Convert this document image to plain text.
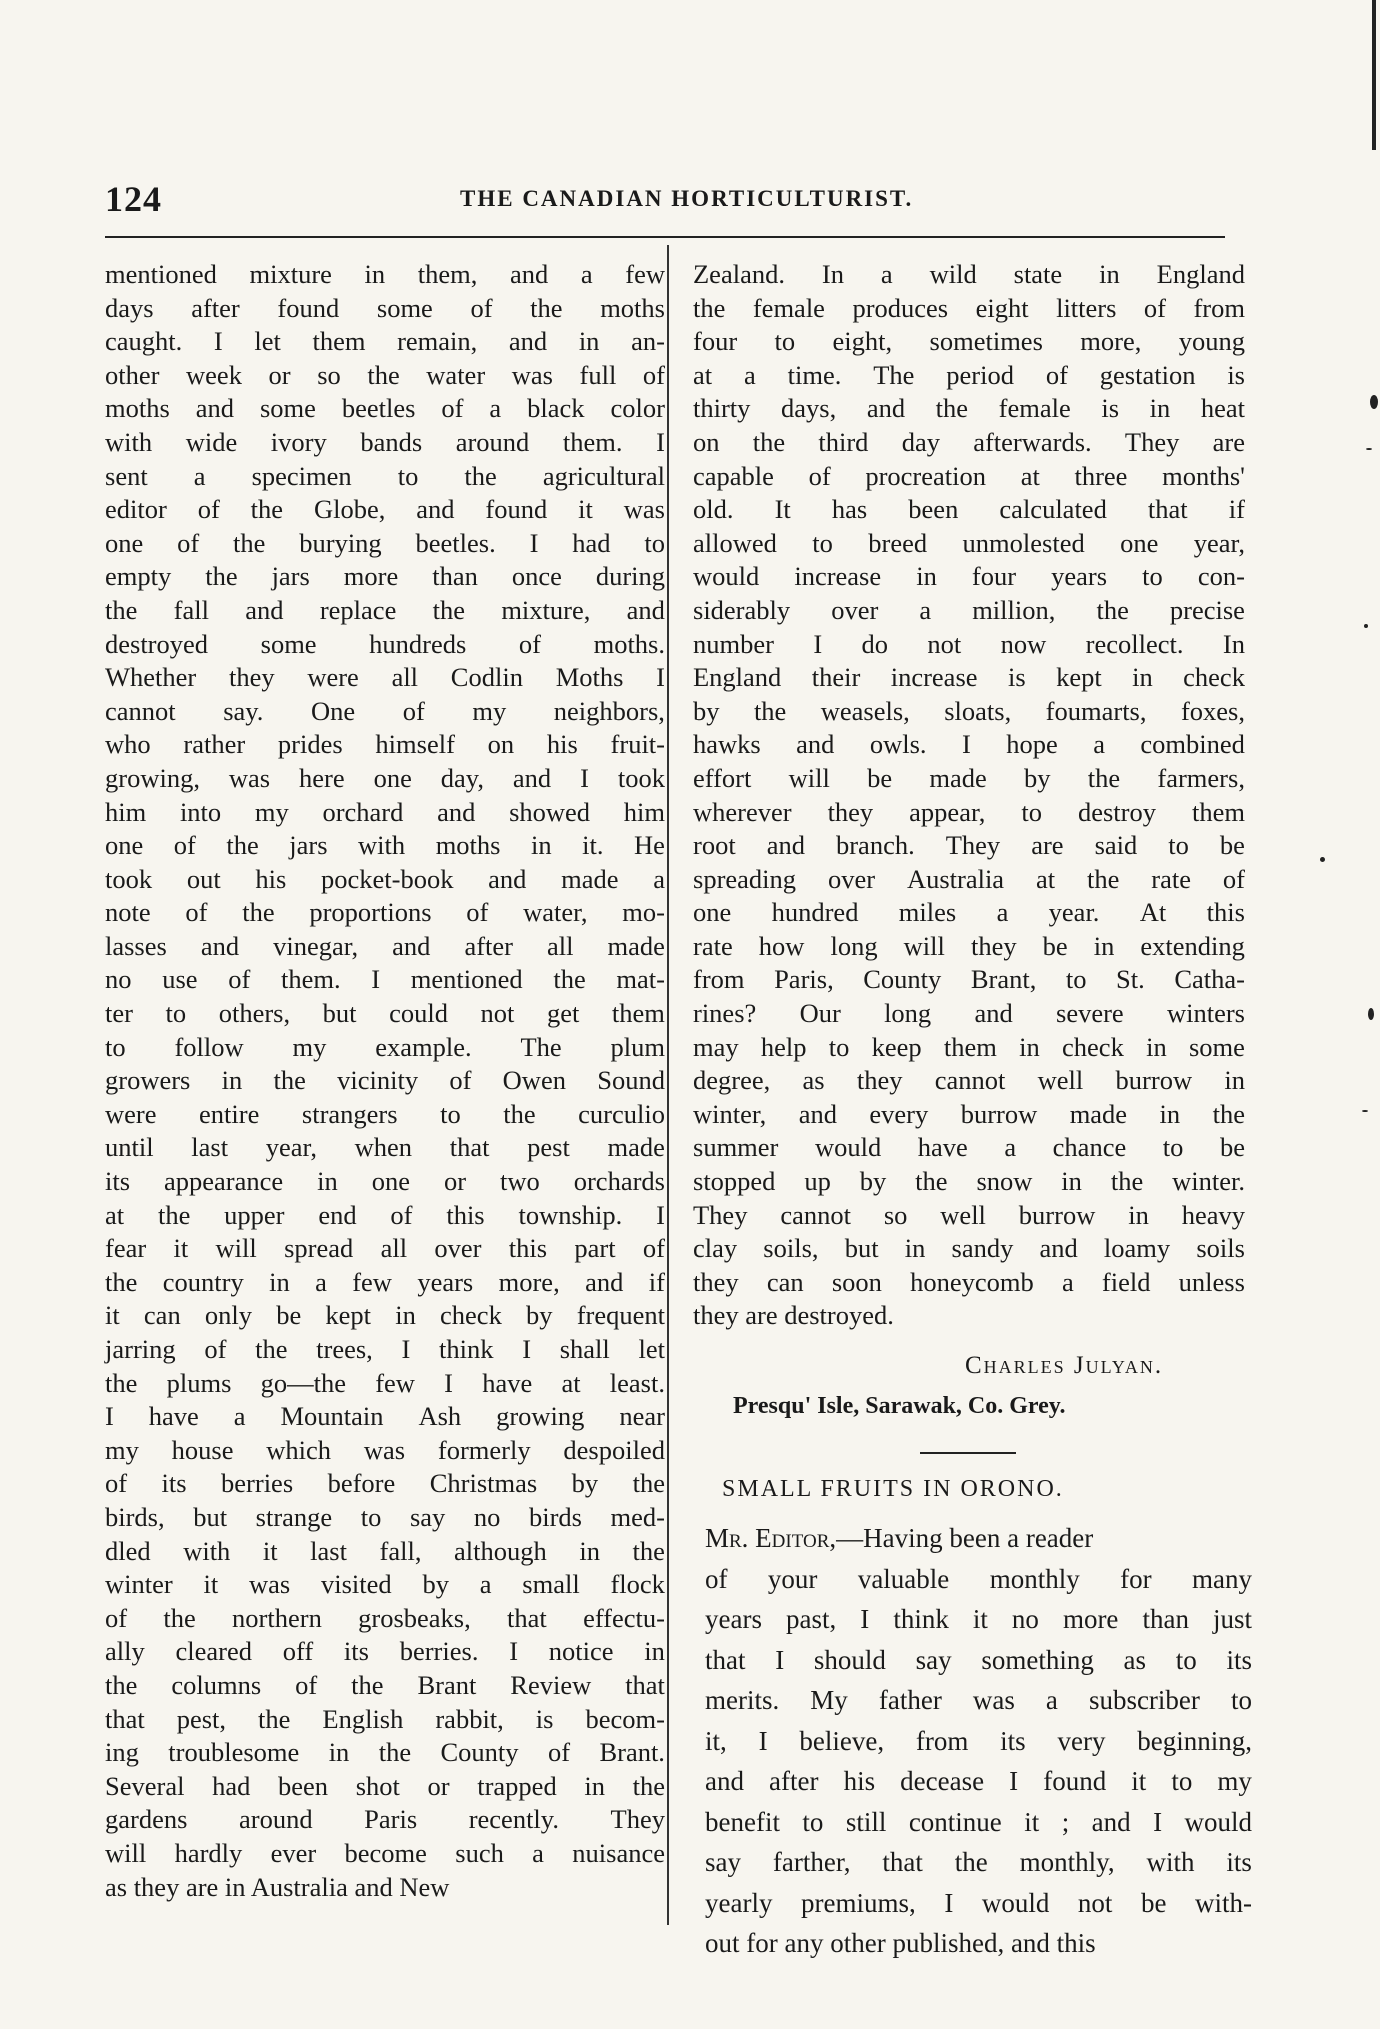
124	THE CANADIAN HORTICULTURIST.
mentioned mixture in them, and a few
days after found some of the moths
caught. I let them remain, and in an-
other week or so the water was full of
moths and some beetles of a black color
with wide ivory bands around them. I
sent a specimen to the agricultural
editor of the Globe, and found it was
one of the burying beetles. I had to
empty the jars more than once during
the fall and replace the mixture, and
destroyed some hundreds of moths.
Whether they were all Codlin Moths I
cannot say. One of my neighbors,
who rather prides himself on his fruit-
growing, was here one day, and I took
him into my orchard and showed him
one of the jars with moths in it. He
took out his pocket-book and made a
note of the proportions of water, mo-
lasses and vinegar, and after all made
no use of them. I mentioned the mat-
ter to others, but could not get them
to follow my example. The plum
growers in the vicinity of Owen Sound
were entire strangers to the curculio
until last year, when that pest made
its appearance in one or two orchards
at the upper end of this township. I
fear it will spread all over this part of
the country in a few years more, and if
it can only be kept in check by frequent
jarring of the trees, I think I shall let
the plums go—the few I have at least.
I have a Mountain Ash growing near
my house which was formerly despoiled
of its berries before Christmas by the
birds, but strange to say no birds med-
dled with it last fall, although in the
winter it was visited by a small flock
of the northern grosbeaks, that effectu-
ally cleared off its berries. I notice in
the columns of the Brant Review that
that pest, the English rabbit, is becom-
ing troublesome in the County of Brant.
Several had been shot or trapped in the
gardens around Paris recently. They
will hardly ever become such a nuisance
as they are in Australia and New
Zealand. In a wild state in England
the female produces eight litters of from
four to eight, sometimes more, young
at a time. The period of gestation is
thirty days, and the female is in heat
on the third day afterwards. They are
capable of procreation at three months'
old. It has been calculated that if
allowed to breed unmolested one year,
would increase in four years to con-
siderably over a million, the precise
number I do not now recollect. In
England their increase is kept in check
by the weasels, sloats, foumarts, foxes,
hawks and owls. I hope a combined
effort will be made by the farmers,
wherever they appear, to destroy them
root and branch. They are said to be
spreading over Australia at the rate of
one hundred miles a year. At this
rate how long will they be in extending
from Paris, County Brant, to St. Catha-
rines? Our long and severe winters
may help to keep them in check in some
degree, as they cannot well burrow in
winter, and every burrow made in the
summer would have a chance to be
stopped up by the snow in the winter.
They cannot so well burrow in heavy
clay soils, but in sandy and loamy soils
they can soon honeycomb a field unless
they are destroyed.
Charles Julyan.
Presqu' Isle, Sarawak, Co. Grey.
SMALL FRUITS IN ORONO.
Mr. Editor, —Having been a reader
of your valuable monthly for many
years past, I think it no more than just
that I should say something as to its
merits. My father was a subscriber to
it, I believe, from its very beginning,
and after his decease I found it to my
benefit to still continue it ; and I would
say farther, that the monthly, with its
yearly premiums, I would not be with-
out for any other published, and this
